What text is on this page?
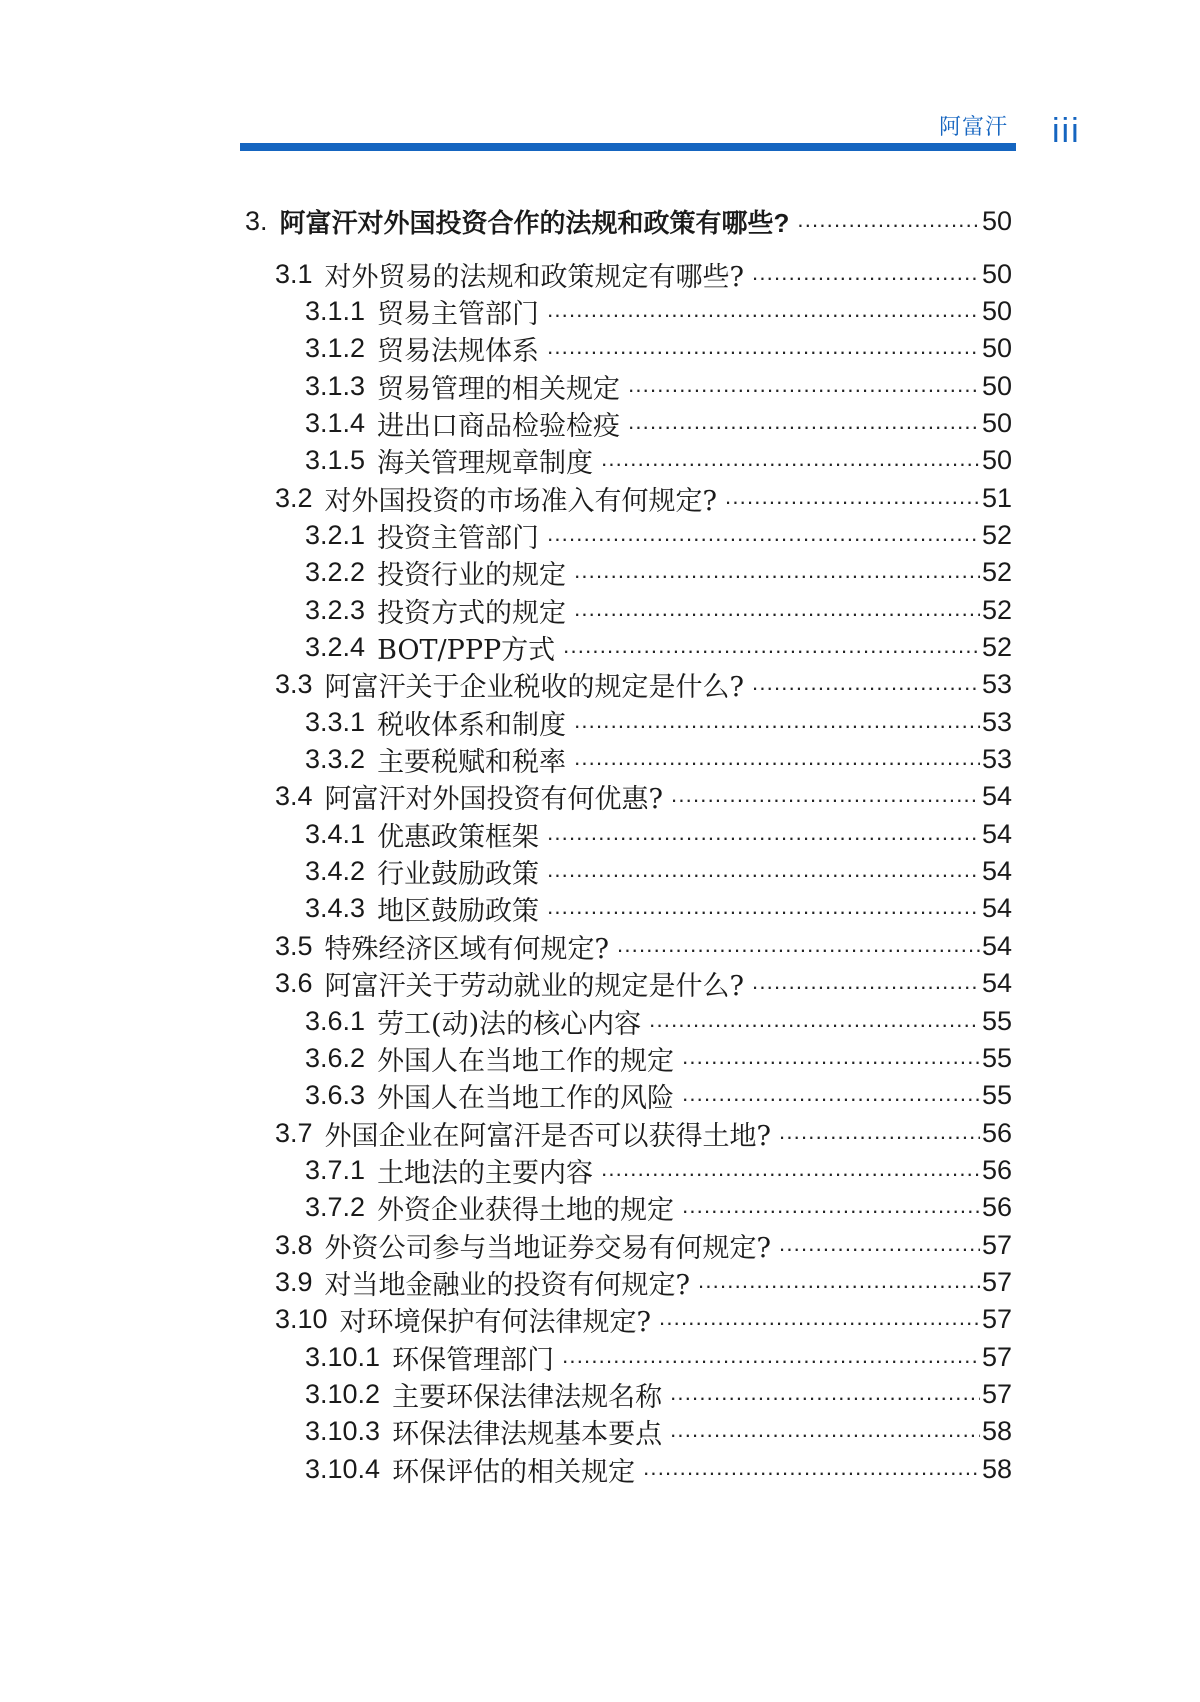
阿富汗 iii
3. 阿富汗对外国投资合作的法规和政策有哪些? .....	50
3.1 对外贸易的法规和政策规定有哪些? .....	50
3.1.1 贸易主管部门 .....	50
3.1.2 贸易法规体系 .....	50
3.1.3 贸易管理的相关规定 .....	50
3.1.4 进出口商品检验检疫 .....	50
3.1.5 海关管理规章制度 .....	50
3.2 对外国投资的市场准入有何规定? .....	51
3.2.1 投资主管部门 .....	52
3.2.2 投资行业的规定 .....	52
3.2.3 投资方式的规定 .....	52
3.2.4 BOT/PPP方式 .....	52
3.3 阿富汗关于企业税收的规定是什么? .....	53
3.3.1 税收体系和制度 .....	53
3.3.2 主要税赋和税率 .....	53
3.4 阿富汗对外国投资有何优惠? .....	54
3.4.1 优惠政策框架 .....	54
3.4.2 行业鼓励政策 .....	54
3.4.3 地区鼓励政策 .....	54
3.5 特殊经济区域有何规定? .....	54
3.6 阿富汗关于劳动就业的规定是什么? .....	54
3.6.1 劳工(动)法的核心内容 .....	55
3.6.2 外国人在当地工作的规定 .....	55
3.6.3 外国人在当地工作的风险 .....	55
3.7 外国企业在阿富汗是否可以获得土地? .....	56
3.7.1 土地法的主要内容 .....	56
3.7.2 外资企业获得土地的规定 .....	56
3.8 外资公司参与当地证券交易有何规定? .....	57
3.9 对当地金融业的投资有何规定? .....	57
3.10 对环境保护有何法律规定? .....	57
3.10.1 环保管理部门 .....	57
3.10.2 主要环保法律法规名称 .....	57
3.10.3 环保法律法规基本要点 .....	58
3.10.4 环保评估的相关规定 .....	58
